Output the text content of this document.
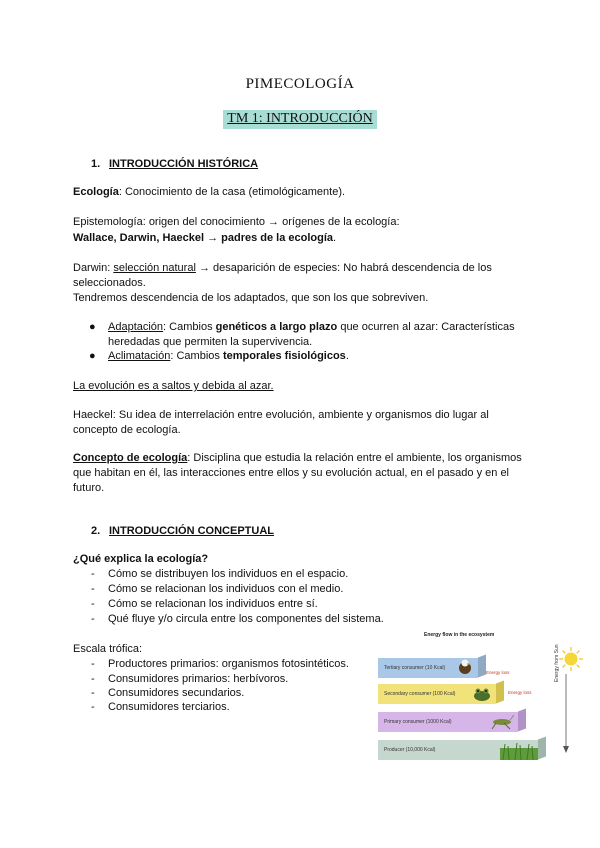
PIMECOLOGÍA
TM 1: INTRODUCCIÓN
1. INTRODUCCIÓN HISTÓRICA
Ecología: Conocimiento de la casa (etimológicamente).
Epistemología: origen del conocimiento → orígenes de la ecología:
Wallace, Darwin, Haeckel → padres de la ecología.
Darwin: selección natural → desaparición de especies: No habrá descendencia de los
seleccionados.
Tendremos descendencia de los adaptados, que son los que sobreviven.
● Adaptación: Cambios genéticos a largo plazo que ocurren al azar: Características
heredadas que permiten la supervivencia.
● Aclimatación: Cambios temporales fisiológicos.
La evolución es a saltos y debida al azar.
Haeckel: Su idea de interrelación entre evolución, ambiente y organismos dio lugar al
concepto de ecología.
Concepto de ecología: Disciplina que estudia la relación entre el ambiente, los organismos
que habitan en él, las interacciones entre ellos y su evolución actual, en el pasado y en el
futuro.
2. INTRODUCCIÓN CONCEPTUAL
¿Qué explica la ecología?
- Cómo se distribuyen los individuos en el espacio.
- Cómo se relacionan los individuos con el medio.
- Cómo se relacionan los individuos entre sí.
- Qué fluye y/o circula entre los componentes del sistema.
Escala trófica:
- Productores primarios: organismos fotosintéticos.
- Consumidores primarios: herbívoros.
- Consumidores secundarios.
- Consumidores terciarios.
Energy flow in the ecosystem
Energy from Sun
Energy loss
Energy loss
Tertiary consumer (10 Kcal)
Secondary consumer (100 Kcal)
Primary consumer (1000 Kcal)
Producer (10,000 Kcal)
